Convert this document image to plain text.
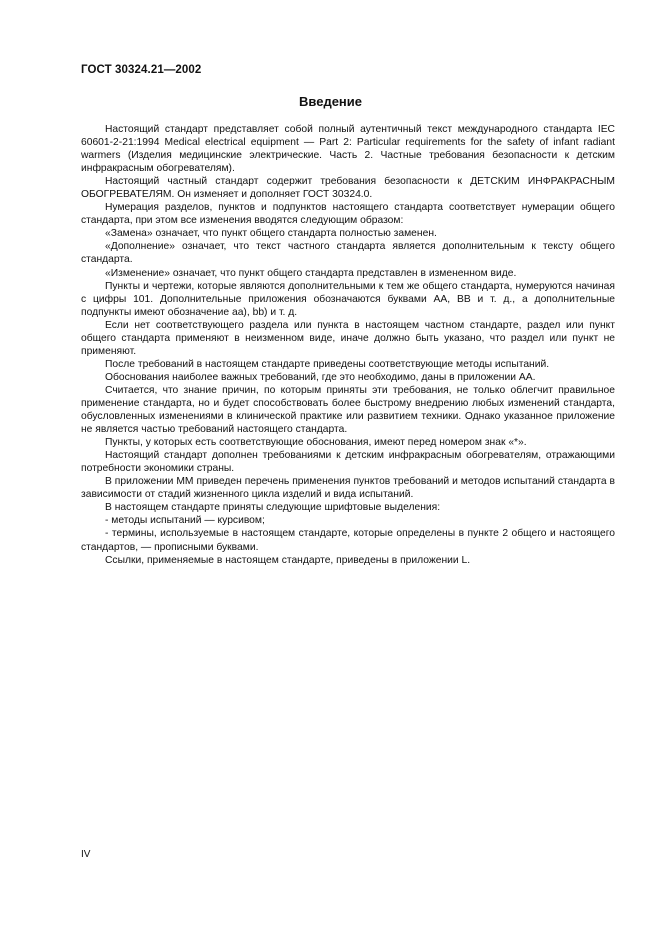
ГОСТ 30324.21—2002
Введение

Настоящий стандарт представляет собой полный аутентичный текст международного стандарта IEC 60601-2-21:1994 Medical electrical equipment — Part 2: Particular requirements for the safety of infant radiant warmers (Изделия медицинские электрические. Часть 2. Частные требования безопасности к детским инфракрасным обогревателям).

Настоящий частный стандарт содержит требования безопасности к ДЕТСКИМ ИНФРАКРАСНЫМ ОБОГРЕВАТЕЛЯМ. Он изменяет и дополняет ГОСТ 30324.0.

Нумерация разделов, пунктов и подпунктов настоящего стандарта соответствует нумерации общего стандарта, при этом все изменения вводятся следующим образом:

«Замена» означает, что пункт общего стандарта полностью заменен.

«Дополнение» означает, что текст частного стандарта является дополнительным к тексту общего стандарта.

«Изменение» означает, что пункт общего стандарта представлен в измененном виде.

Пункты и чертежи, которые являются дополнительными к тем же общего стандарта, нумеруются начиная с цифры 101. Дополнительные приложения обозначаются буквами АА, ВВ и т. д., а дополнительные подпункты имеют обозначение аа), bb) и т. д.

Если нет соответствующего раздела или пункта в настоящем частном стандарте, раздел или пункт общего стандарта применяют в неизменном виде, иначе должно быть указано, что раздел или пункт не применяют.

После требований в настоящем стандарте приведены соответствующие методы испытаний.

Обоснования наиболее важных требований, где это необходимо, даны в приложении АА.

Считается, что знание причин, по которым приняты эти требования, не только облегчит правильное применение стандарта, но и будет способствовать более быстрому внедрению любых изменений стандарта, обусловленных изменениями в клинической практике или развитием техники. Однако указанное приложение не является частью требований настоящего стандарта.

Пункты, у которых есть соответствующие обоснования, имеют перед номером знак «*».

Настоящий стандарт дополнен требованиями к детским инфракрасным обогревателям, отражающими потребности экономики страны.

В приложении ММ приведен перечень применения пунктов требований и методов испытаний стандарта в зависимости от стадий жизненного цикла изделий и вида испытаний.

В настоящем стандарте приняты следующие шрифтовые выделения:

- методы испытаний — курсивом;

- термины, используемые в настоящем стандарте, которые определены в пункте 2 общего и настоящего стандартов, — прописными буквами.

Ссылки, применяемые в настоящем стандарте, приведены в приложении L.

IV
